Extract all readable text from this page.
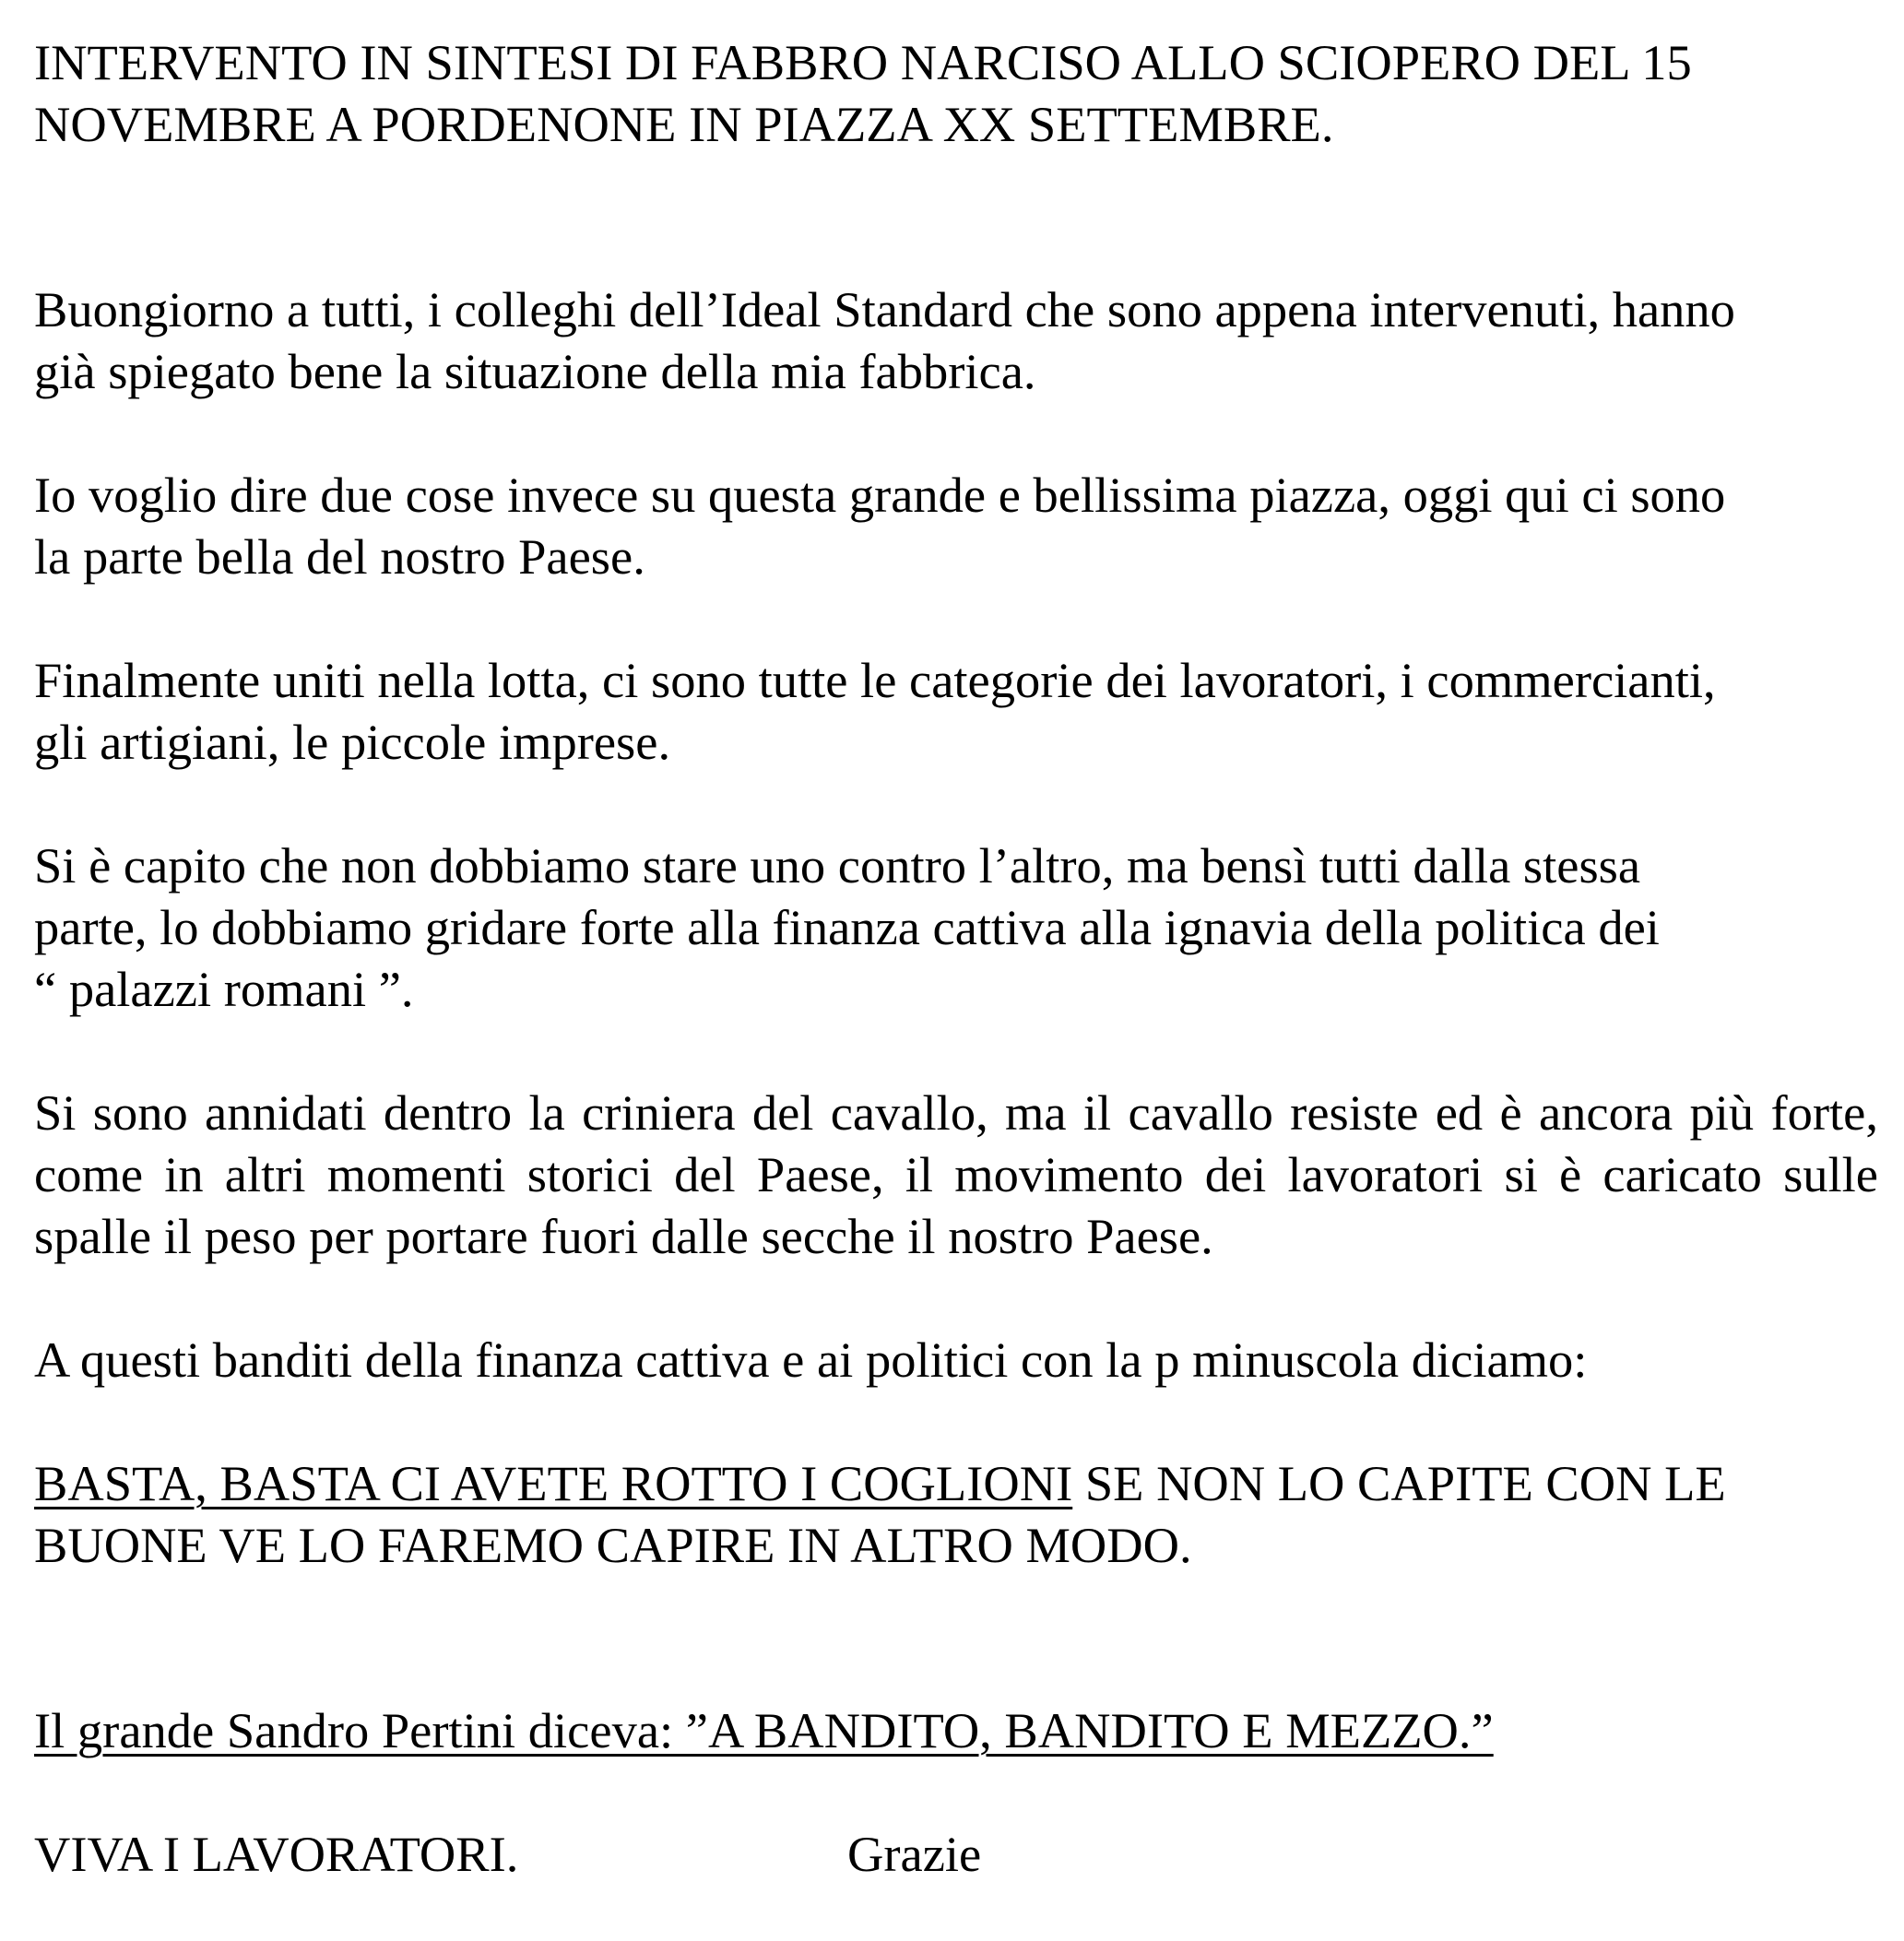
INTERVENTO IN SINTESI DI FABBRO NARCISO ALLO SCIOPERO DEL 15
NOVEMBRE A PORDENONE IN PIAZZA XX SETTEMBRE.
Buongiorno a tutti, i colleghi dell’Ideal Standard che sono appena intervenuti, hanno
già spiegato bene la situazione della mia fabbrica.
Io voglio dire due cose invece su questa grande e bellissima piazza, oggi qui ci sono
la parte bella del nostro Paese.
Finalmente uniti nella lotta, ci sono tutte le categorie dei lavoratori, i commercianti,
gli artigiani, le piccole imprese.
Si è capito che non dobbiamo stare uno contro l’altro, ma bensì tutti dalla stessa
parte, lo dobbiamo gridare forte alla finanza cattiva alla ignavia della politica dei
“ palazzi romani ”.

Si sono annidati dentro la criniera del cavallo, ma il cavallo resiste ed è ancora più forte, come in altri momenti storici del Paese, il movimento dei lavoratori si è caricato sulle spalle il peso per portare fuori dalle secche il nostro Paese.

A questi banditi della finanza cattiva e ai politici con la p minuscola diciamo:
BASTA, BASTA CI AVETE ROTTO I COGLIONI SE NON LO CAPITE CON LE
BUONE VE LO FAREMO CAPIRE IN ALTRO MODO.
Il grande Sandro Pertini diceva: ”A BANDITO, BANDITO E MEZZO.”
VIVA I LAVORATORI.	Grazie
